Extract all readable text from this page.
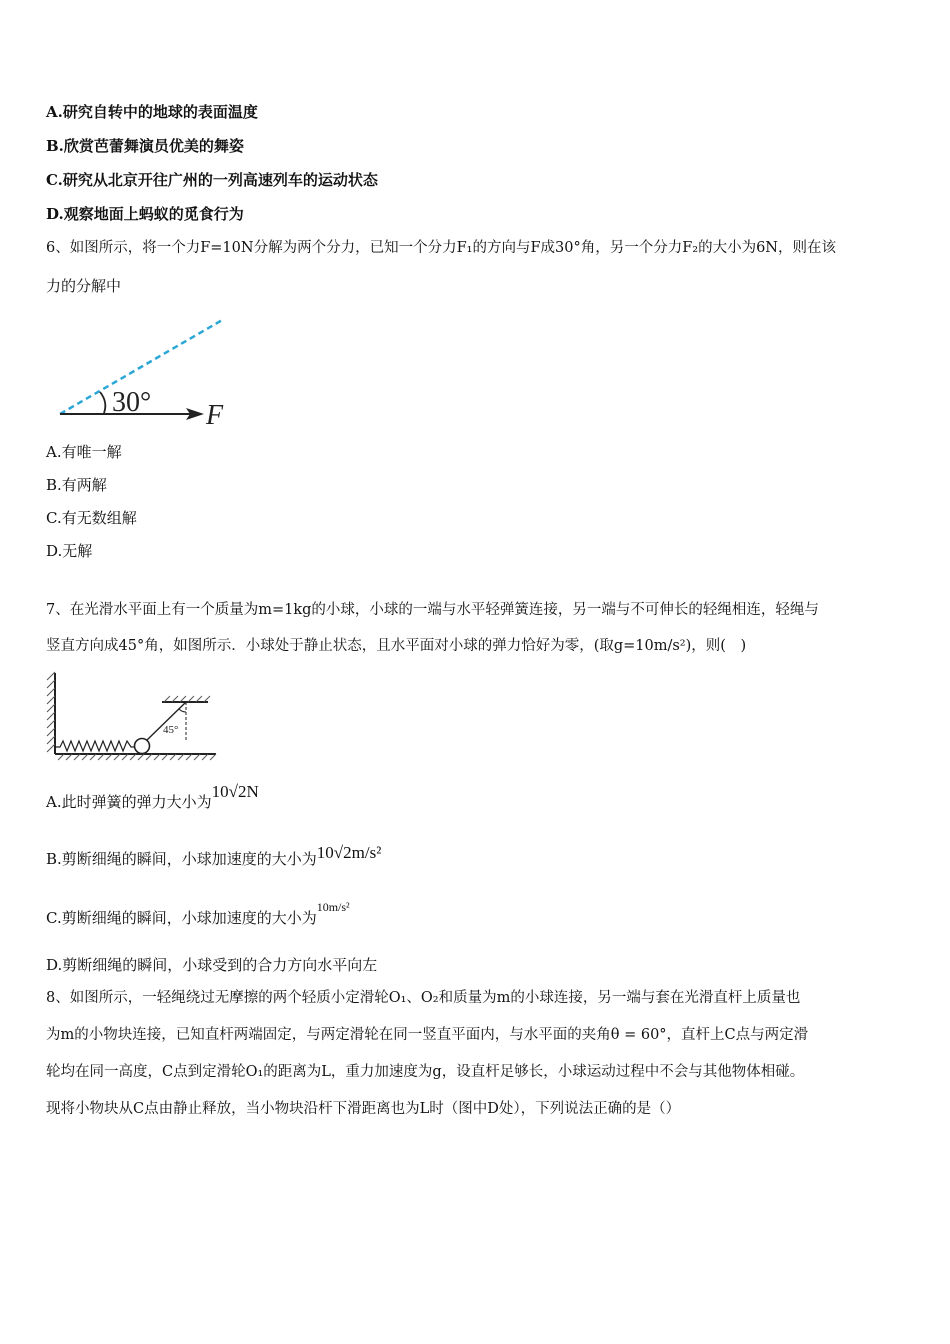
A.研究自转中的地球的表面温度
B.欣赏芭蕾舞演员优美的舞姿
C.研究从北京开往广州的一列高速列车的运动状态
D.观察地面上蚂蚁的觅食行为
6、如图所示，将一个力F=10N分解为两个分力，已知一个分力F₁的方向与F成30°角，另一个分力F₂的大小为6N，则在该
力的分解中
30° F
A.有唯一解
B.有两解
C.有无数组解
D.无解
7、在光滑水平面上有一个质量为m=1kg的小球，小球的一端与水平轻弹簧连接，另一端与不可伸长的轻绳相连，轻绳与
竖直方向成45°角，如图所示．小球处于静止状态，且水平面对小球的弹力恰好为零，(取g=10m/s²)，则(　)
45°
A.此时弹簧的弹力大小为10√2N
B.剪断细绳的瞬间，小球加速度的大小为10√2m/s²
C.剪断细绳的瞬间，小球加速度的大小为$^{10m/s^2}$
D.剪断细绳的瞬间，小球受到的合力方向水平向左
8、如图所示，一轻绳绕过无摩擦的两个轻质小定滑轮O₁、O₂和质量为m的小球连接，另一端与套在光滑直杆上质量也
为m的小物块连接，已知直杆两端固定，与两定滑轮在同一竖直平面内，与水平面的夹角θ = 60°，直杆上C点与两定滑
轮均在同一高度，C点到定滑轮O₁的距离为L，重力加速度为g，设直杆足够长，小球运动过程中不会与其他物体相碰。
现将小物块从C点由静止释放，当小物块沿杆下滑距离也为L时（图中D处），下列说法正确的是（）
